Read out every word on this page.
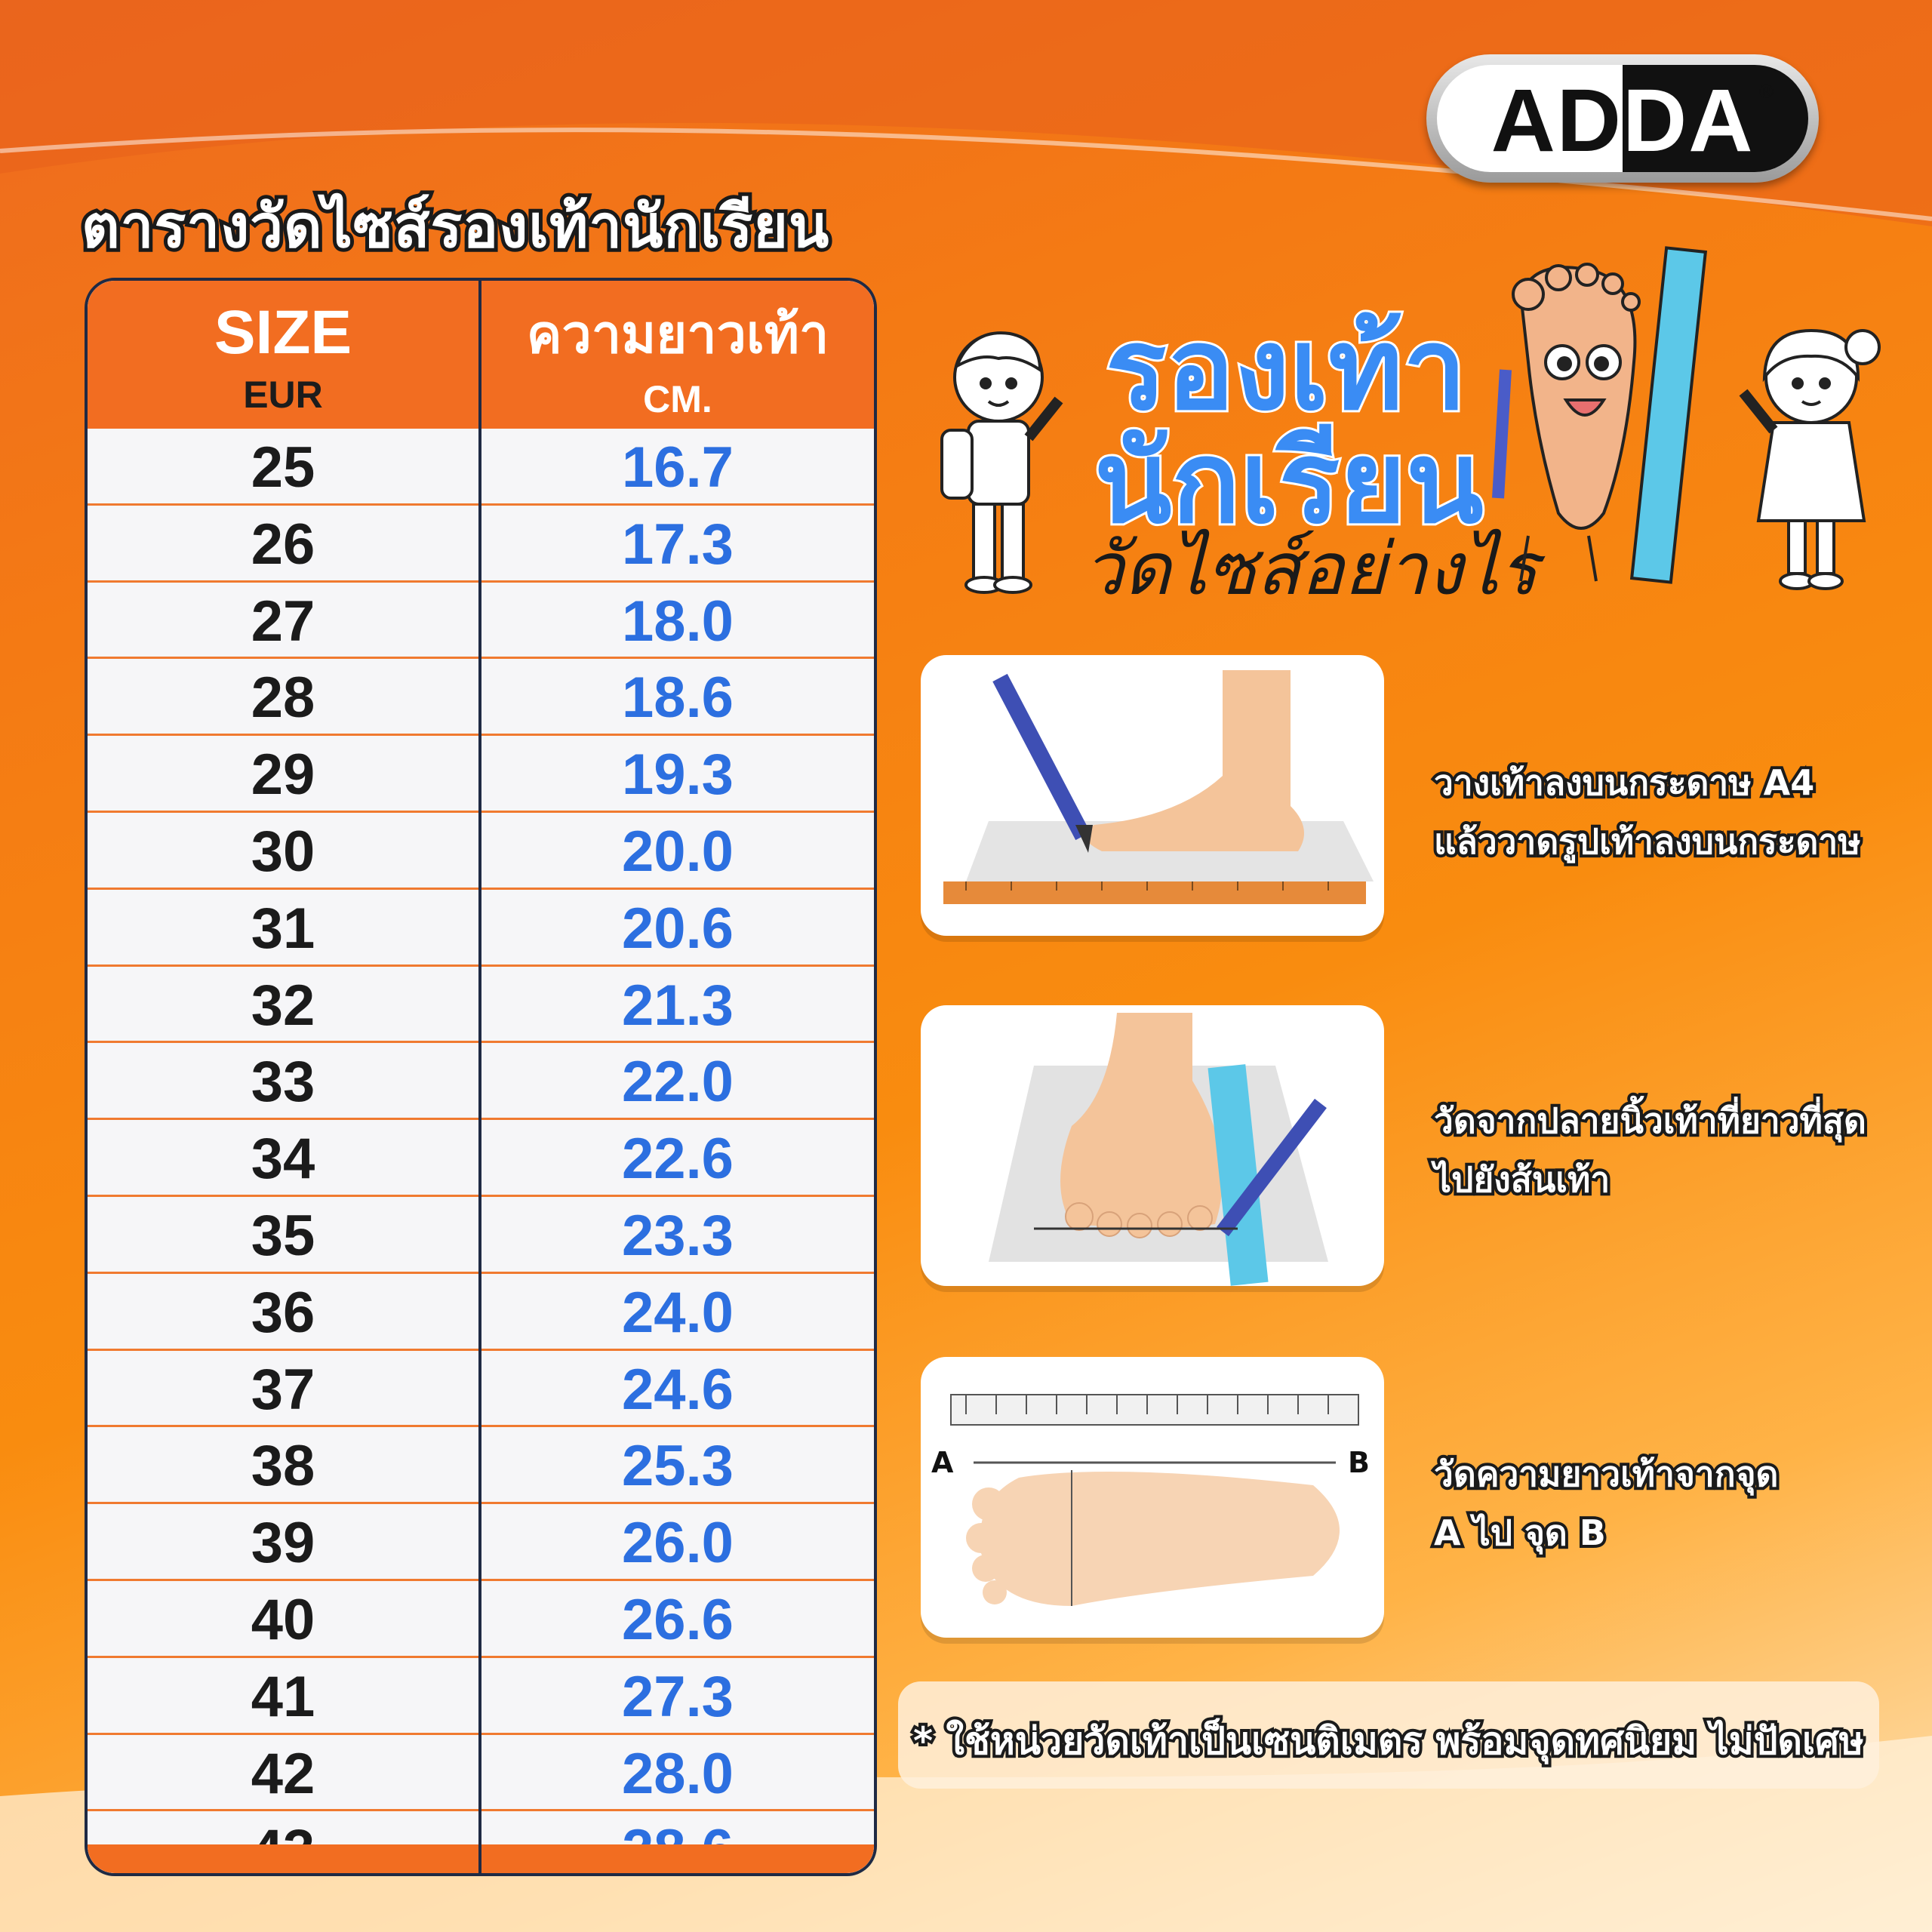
ADDA ®
ตารางวัดไซส์รองเท้านักเรียน
SIZE
EUR
ความยาวเท้า
CM.
25	16.7
26	17.3
27	18.0
28	18.6
29	19.3
30	20.0
31	20.6
32	21.3
33	22.0
34	22.6
35	23.3
36	24.0
37	24.6
38	25.3
39	26.0
40	26.6
41	27.3
42	28.0
รองเท้า
นักเรียน
วัดไซส์อย่างไร
วางเท้าลงบนกระดาษ A4
แล้ววาดรูปเท้าลงบนกระดาษ
วัดจากปลายนิ้วเท้าที่ยาวที่สุด
ไปยังส้นเท้า
A	B วัดความยาวเท้าจากจุด
A ไป จุด B
* ใช้หน่วยวัดเท้าเป็นเซนติเมตร พร้อมจุดทศนิยม ไม่ปัดเศษ
